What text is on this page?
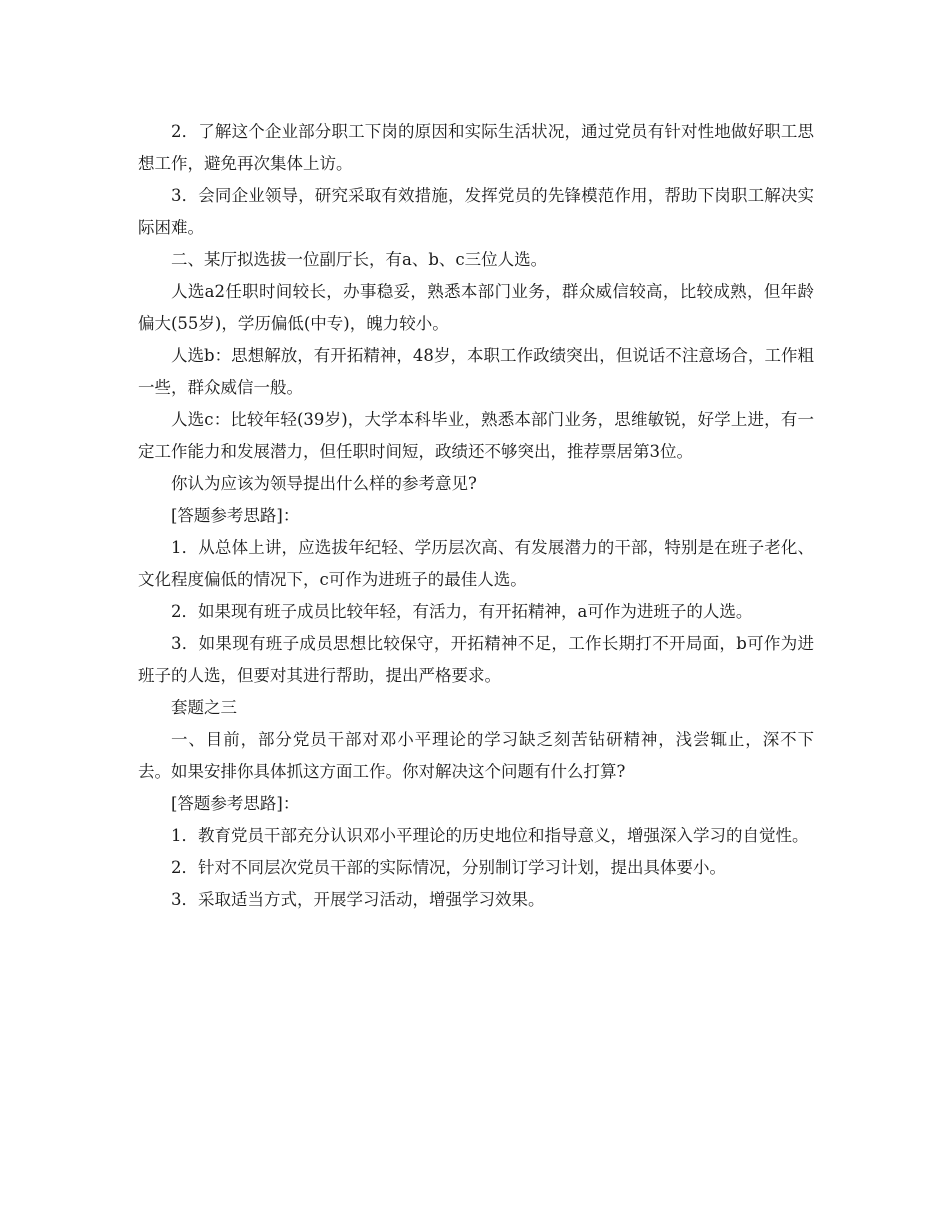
2．了解这个企业部分职工下岗的原因和实际生活状况，通过党员有针对性地做好职工思想工作，避免再次集体上访。

3．会同企业领导，研究采取有效措施，发挥党员的先锋模范作用，帮助下岗职工解决实际困难。

二、某厅拟选拔一位副厅长，有a、b、c三位人选。

人选a2任职时间较长，办事稳妥，熟悉本部门业务，群众威信较高，比较成熟，但年龄偏大(55岁)，学历偏低(中专)，魄力较小。

人选b：思想解放，有开拓精神，48岁，本职工作政绩突出，但说话不注意场合，工作粗一些，群众威信一般。

人选c：比较年轻(39岁)，大学本科毕业，熟悉本部门业务，思维敏锐，好学上进，有一定工作能力和发展潜力，但任职时间短，政绩还不够突出，推荐票居第3位。

你认为应该为领导提出什么样的参考意见?

[答题参考思路]：

1．从总体上讲，应选拔年纪轻、学历层次高、有发展潜力的干部，特别是在班子老化、文化程度偏低的情况下，c可作为进班子的最佳人选。

2．如果现有班子成员比较年轻，有活力，有开拓精神，a可作为进班子的人选。

3．如果现有班子成员思想比较保守，开拓精神不足，工作长期打不开局面，b可作为进班子的人选，但要对其进行帮助，提出严格要求。

套题之三

一、目前，部分党员干部对邓小平理论的学习缺乏刻苦钻研精神，浅尝辄止，深不下去。如果安排你具体抓这方面工作。你对解决这个问题有什么打算?

[答题参考思路]：

1．教育党员干部充分认识邓小平理论的历史地位和指导意义，增强深入学习的自觉性。

2．针对不同层次党员干部的实际情况，分别制订学习计划，提出具体要小。

3．采取适当方式，开展学习活动，增强学习效果。
